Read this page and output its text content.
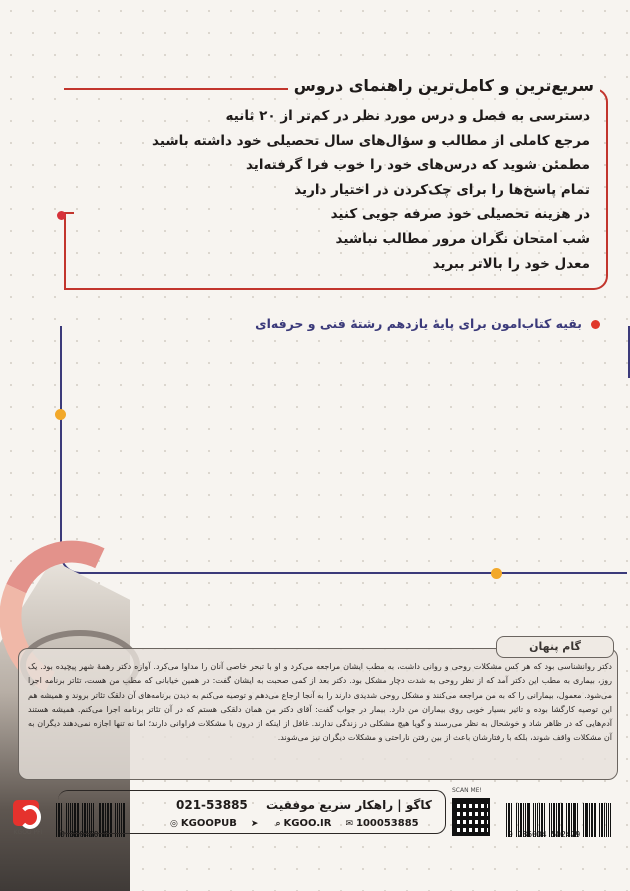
سریع‌ترین و کامل‌ترین راهنمای دروس
دسترسی به فصل و درس مورد نظر در کم‌تر از ۲۰ ثانیه
مرجع کاملی از مطالب و سؤال‌های سال تحصیلی خود داشته باشید
مطمئن شوید که درس‌های خود را خوب فرا گرفته‌اید
تمام پاسخ‌ها را برای چک‌کردن در اختیار دارید
در هزینه تحصیلی خود صرفه جویی کنید
شب امتحان نگران مرور مطالب نباشید
معدل خود را بالاتر ببرید
بقیه کتاب‌امون برای پایهٔ یازدهم رشتهٔ فنی و حرفه‌ای
گام پنهان

دکتر روانشناسی بود که هر کس مشکلات روحی و روانی داشت، به مطب ایشان مراجعه می‌کرد و او با تبحر خاصی آنان را مداوا می‌کرد. آوازه دکتر رهمهٔ شهر پیچیده بود. یک روز، بیماری به مطب این دکتر آمد که از نظر روحی به شدت دچار مشکل بود. دکتر بعد از کمی صحبت به ایشان گفت: در همین خیابانی که مطب من هست، تئاتر برنامه اجرا می‌شود. معمول، بیمارانی را که به من مراجعه می‌کنند و مشکل روحی شدیدی دارند را به آنجا ارجاع می‌دهم و توصیه می‌کنم به دیدن برنامه‌های آن دلقک تئاتر بروند و همیشه هم این توصیه کارگشا بوده و تاثیر بسیار خوبی روی بیماران من دارد. بیمار در جواب گفت: آقای دکتر من همان دلقکی هستم که در آن تئاتر برنامه اجرا می‌کنم. همیشه هستند آدم‌هایی که در ظاهر شاد و خوشحال به نظر می‌رسند و گویا هیچ مشکلی در زندگی ندارند. غافل از اینکه از درون با مشکلات فراوانی دارند؛ اما نه تنها اجازه نمی‌دهند دیگران به آن مشکلات واقف شوند، بلکه با رفتارشان باعث از بین رفتن ناراحتی و مشکلات دیگران نیز می‌شوند.

KGOO PFI	0 000460 8
021-53885 کاگو | راهکار سریع موفقیت
◎ KGOOPUB ➤	⌕ KGOO.IR ✉ 100053885
SCAN ME!
9 786004 502429
